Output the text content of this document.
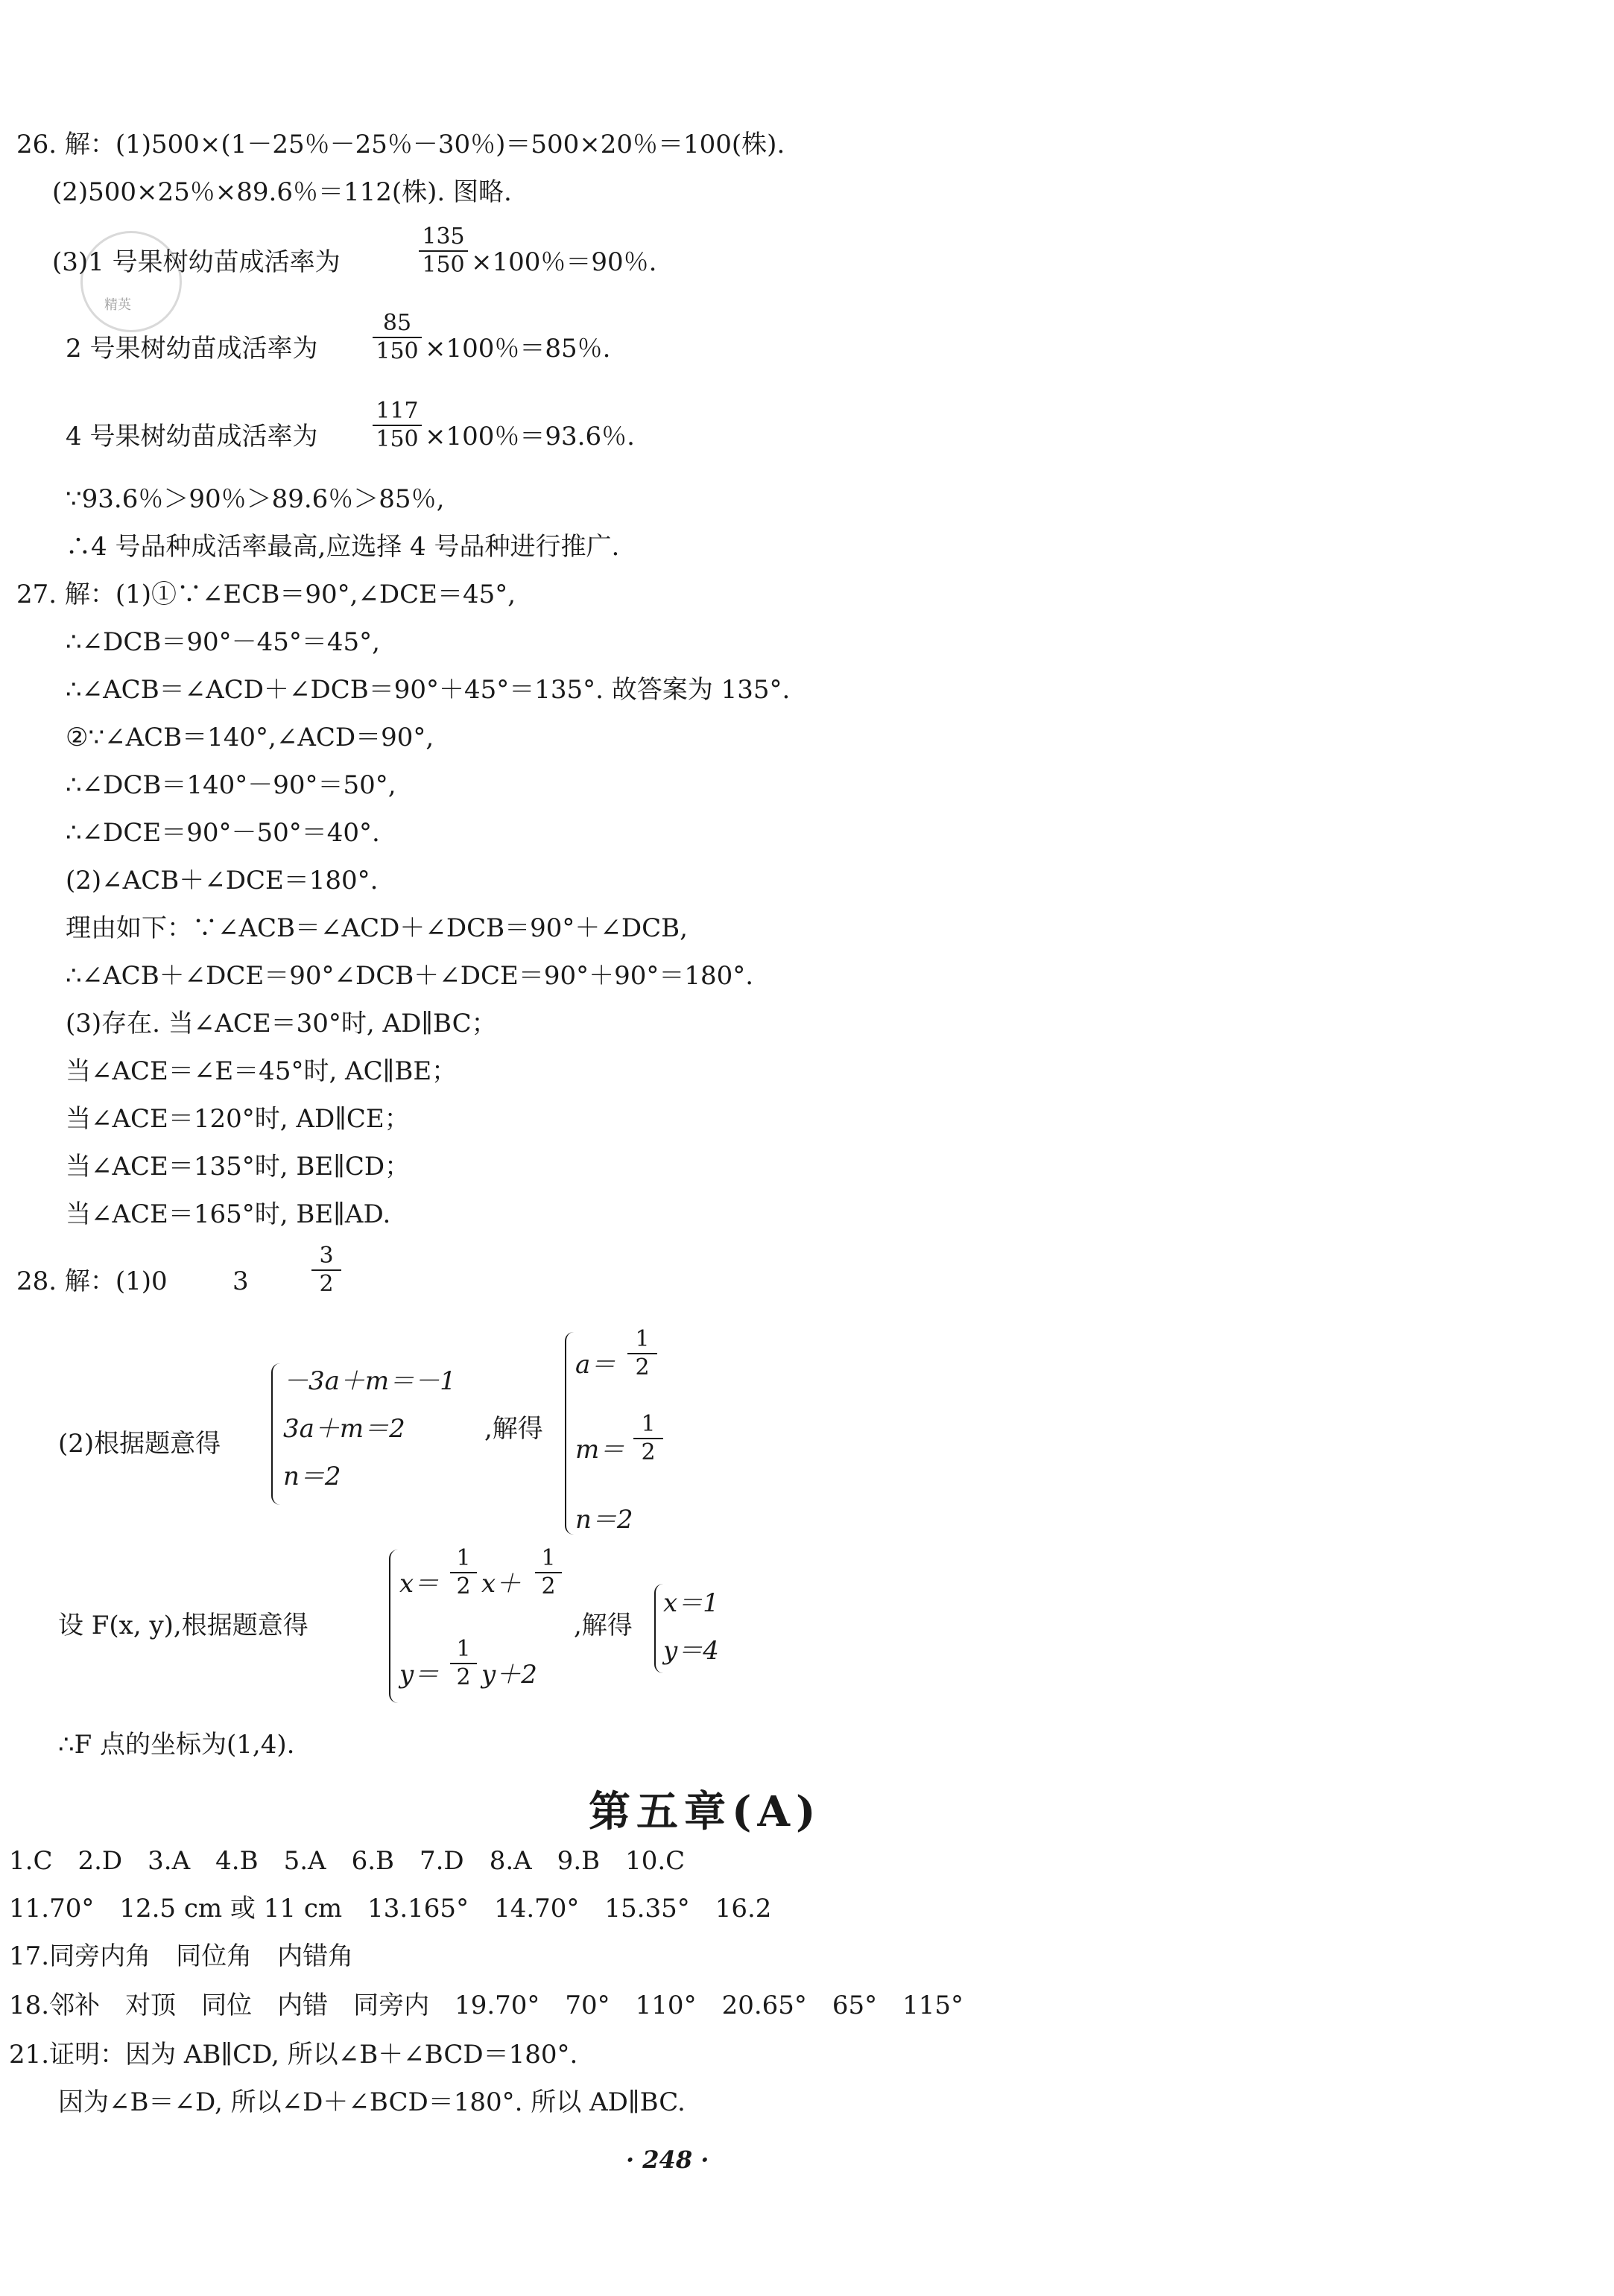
精英
26. 解：(1)500×(1－25％－25％－30％)＝500×20％＝100(株).
(2)500×25％×89.6％＝112(株). 图略.
(3)1 号果树幼苗成活率为
135
150 ×100％＝90％.
2 号果树幼苗成活率为
85
150 ×100％＝85％.
4 号果树幼苗成活率为
117
150 ×100％＝93.6％.
∵93.6％＞90％＞89.6％＞85％,
∴4 号品种成活率最高,应选择 4 号品种进行推广.
27. 解：(1)①∵∠ECB＝90°,∠DCE＝45°,
∴∠DCB＝90°－45°＝45°,
∴∠ACB＝∠ACD＋∠DCB＝90°＋45°＝135°. 故答案为 135°.
②∵∠ACB＝140°,∠ACD＝90°,
∴∠DCB＝140°－90°＝50°,
∴∠DCE＝90°－50°＝40°.
(2)∠ACB＋∠DCE＝180°.
理由如下：∵∠ACB＝∠ACD＋∠DCB＝90°＋∠DCB,
∴∠ACB＋∠DCE＝90°∠DCB＋∠DCE＝90°＋90°＝180°.
(3)存在. 当∠ACE＝30°时, AD∥BC；
当∠ACE＝∠E＝45°时, AC∥BE；
当∠ACE＝120°时, AD∥CE；
当∠ACE＝135°时, BE∥CD；
当∠ACE＝165°时, BE∥AD.
28. 解：(1)0	3
3
2
(2)根据题意得
－3a＋m＝－1
3a＋m＝2
n＝2
,解得
a＝
1
2
m＝
1
2
n＝2
设 F(x, y),根据题意得
x＝
1
2 x＋
1
2
y＝
1
2 y＋2
,解得
x＝1
y＝4
∴F 点的坐标为(1,4).
第五章(A)
1.C　2.D　3.A　4.B　5.A　6.B　7.D　8.A　9.B　10.C
11.70°　12.5 cm 或 11 cm　13.165°　14.70°　15.35°　16.2
17.同旁内角　同位角　内错角
18.邻补　对顶　同位　内错　同旁内　19.70°　70°　110°　20.65°　65°　115°
21.证明：因为 AB∥CD, 所以∠B＋∠BCD＝180°.
因为∠B＝∠D, 所以∠D＋∠BCD＝180°. 所以 AD∥BC.
· 248 ·
